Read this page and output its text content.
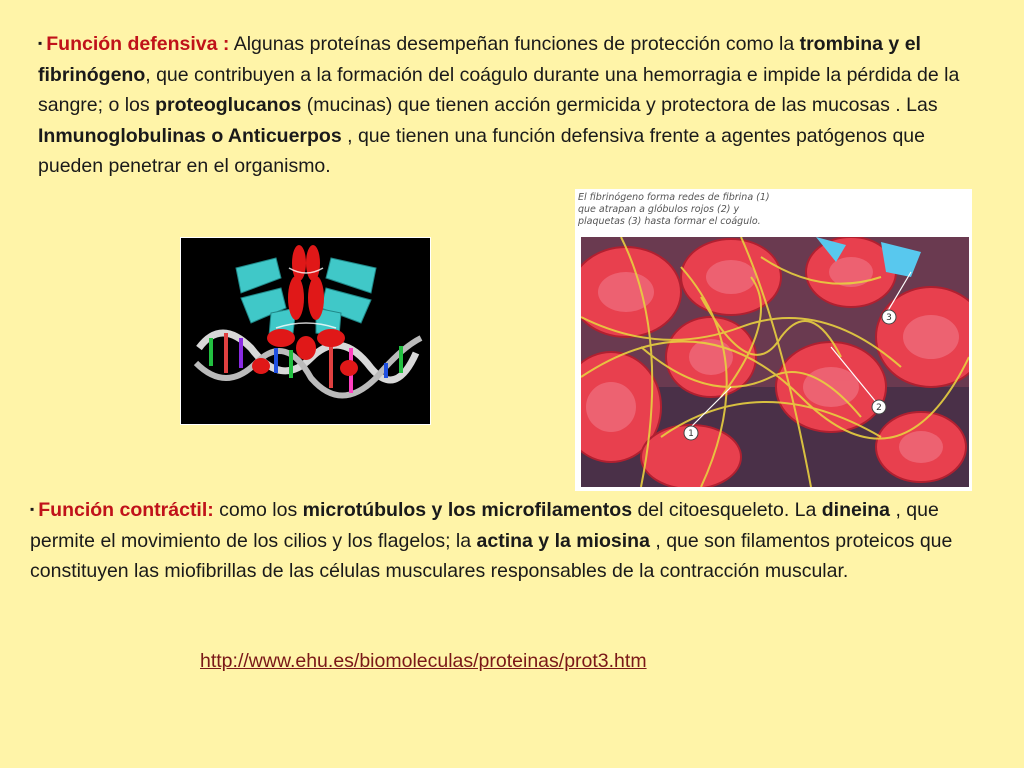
▪ Función defensiva : Algunas proteínas desempeñan funciones de protección como la trombina y el fibrinógeno, que contribuyen a la formación del coágulo durante una hemorragia e impide la pérdida de la sangre; o los proteoglucanos (mucinas) que tienen acción germicida y protectora de las mucosas . Las Inmunoglobulinas o Anticuerpos , que tienen una función defensiva frente a agentes patógenos que pueden penetrar en el organismo.

El fibrinógeno forma redes de fibrina (1) que atrapan a glóbulos rojos (2) y plaquetas (3) hasta formar el coágulo.
1
2
3

▪ Función contráctil: como los microtúbulos y los microfilamentos del citoesqueleto. La dineina , que permite el movimiento de los cilios y los flagelos; la actina y la miosina , que son filamentos proteicos que constituyen las miofibrillas de las células musculares responsables de la contracción muscular.

http://www.ehu.es/biomoleculas/proteinas/prot3.htm
